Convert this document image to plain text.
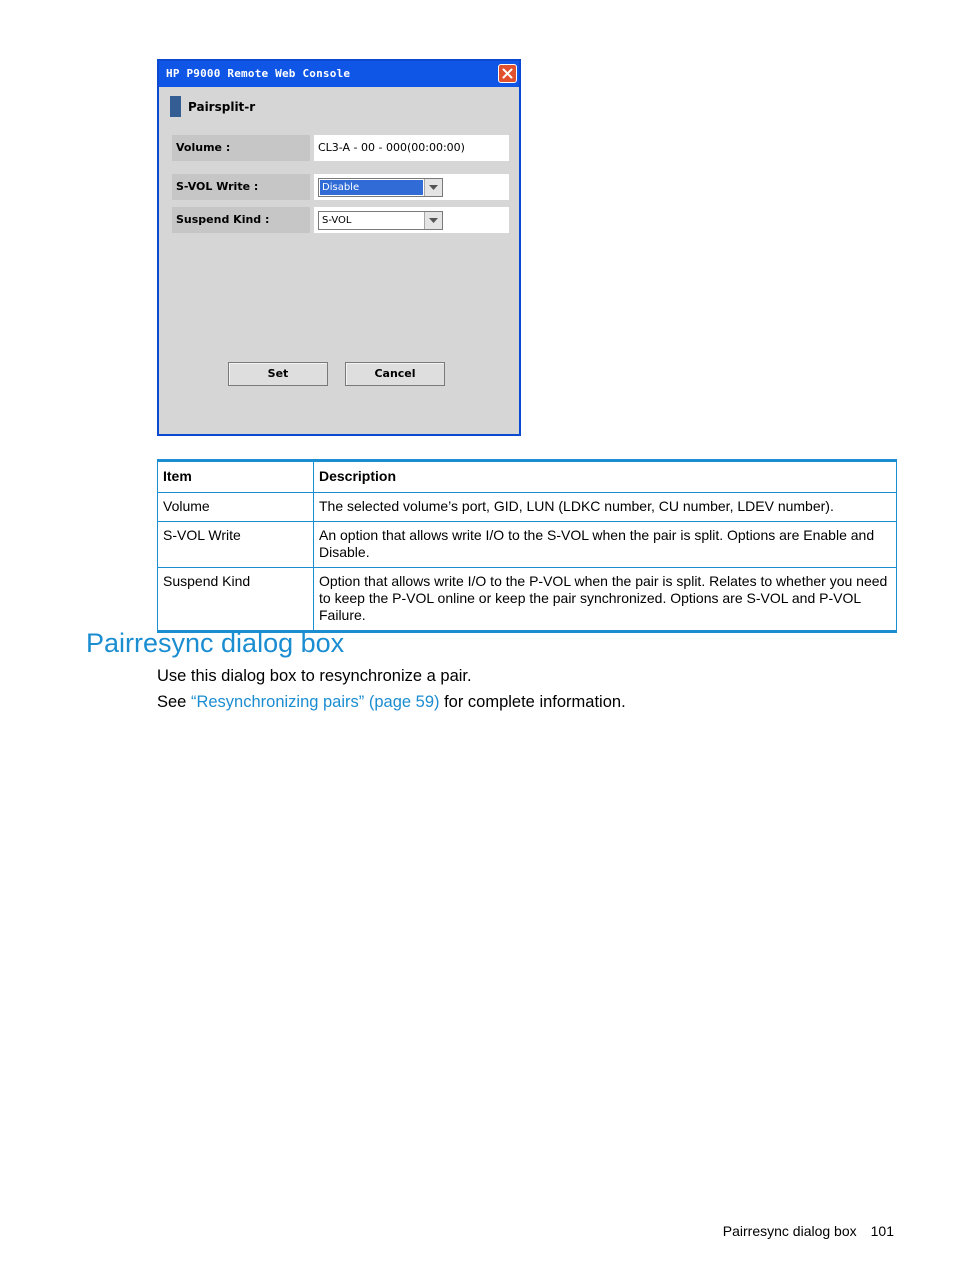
HP P9000 Remote Web Console
Pairsplit-r
Volume :	CL3-A - 00 - 000(00:00:00)
S-VOL Write :	Disable
Suspend Kind :	S-VOL
Set	Cancel
Item	Description
Volume	The selected volume’s port, GID, LUN (LDKC number, CU number, LDEV number).
S-VOL Write	An option that allows write I/O to the S-VOL when the pair is split. Options are Enable and Disable.
Suspend Kind	Option that allows write I/O to the P-VOL when the pair is split. Relates to whether you need to keep the P-VOL online or keep the pair synchronized. Options are S-VOL and P-VOL Failure.
Pairresync dialog box
Use this dialog box to resynchronize a pair.
See “Resynchronizing pairs” (page 59) for complete information.
Pairresync dialog box 101
